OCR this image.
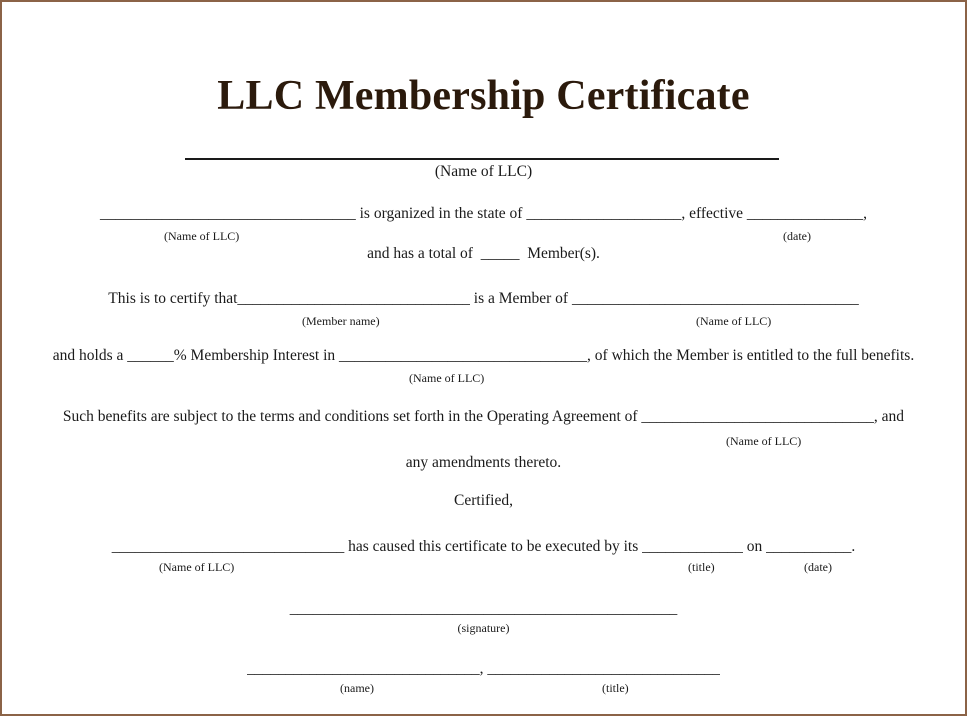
LLC Membership Certificate
(Name of LLC)
_________________________________ is organized in the state of ____________________, effective _______________,
(Name of LLC)	(date)
and has a total of  _____  Member(s).
This is to certify that______________________________ is a Member of _____________________________________
(Member name)	(Name of LLC)
and holds a ______% Membership Interest in ________________________________, of which the Member is entitled to the full benefits.
(Name of LLC)
Such benefits are subject to the terms and conditions set forth in the Operating Agreement of ______________________________, and
(Name of LLC)
any amendments thereto.
Certified,
______________________________ has caused this certificate to be executed by its _____________ on ___________.
(Name of LLC)	(title)	(date)
__________________________________________________
(signature)
______________________________, ______________________________
(name)	(title)
